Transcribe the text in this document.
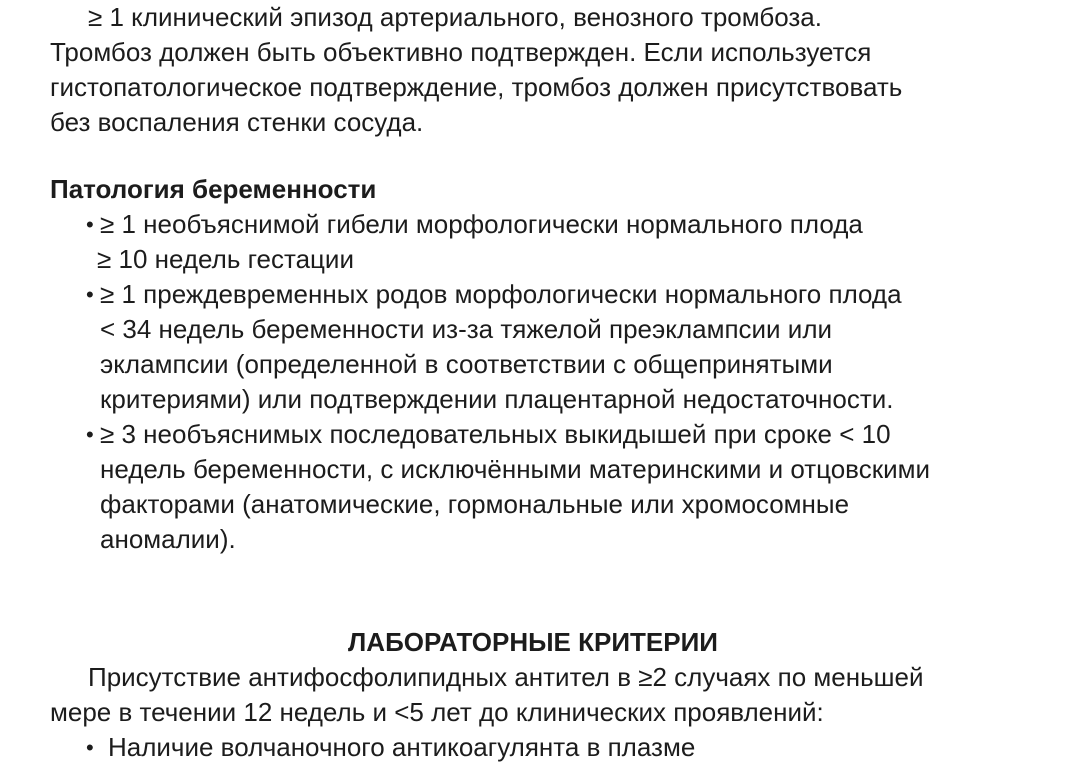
≥ 1 клинический эпизод артериального, венозного тромбоза.
Тромбоз должен быть объективно подтвержден. Если используется
гистопатологическое подтверждение, тромбоз должен присутствовать
без воспаления стенки сосуда.
Патология беременности
• ≥ 1 необъяснимой гибели морфологически нормального плода
≥ 10 недель гестации
• ≥ 1 преждевременных родов морфологически нормального плода
< 34 недель беременности из-за тяжелой преэклампсии или
эклампсии (определенной в соответствии с общепринятыми
критериями) или подтверждении плацентарной недостаточности.
• ≥ 3 необъяснимых последовательных выкидышей при сроке < 10
недель беременности, с исключёнными материнскими и отцовскими
факторами (анатомические, гормональные или хромосомные
аномалии).
ЛАБОРАТОРНЫЕ КРИТЕРИИ
Присутствие антифосфолипидных антител в ≥2 случаях по меньшей
мере в течении 12 недель и <5 лет до клинических проявлений:
• Наличие волчаночного антикоагулянта в плазме
